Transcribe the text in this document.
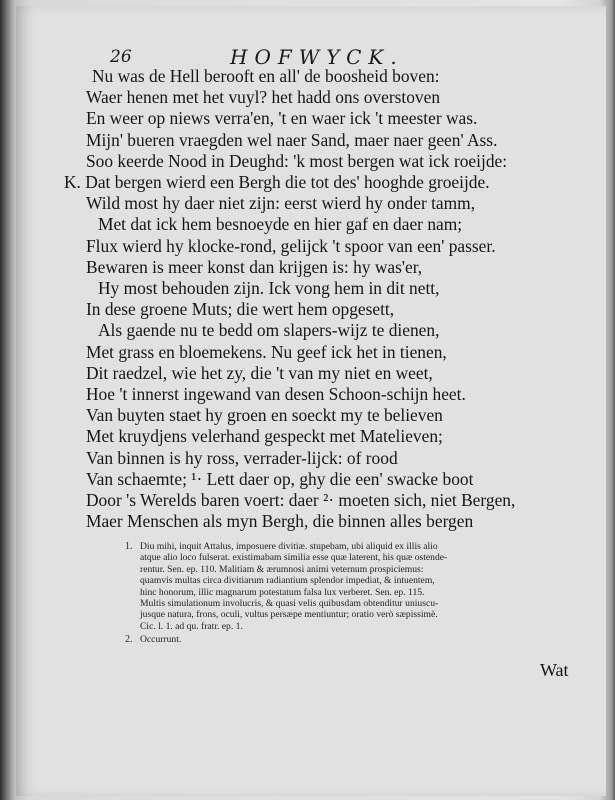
26	HOFWYCK.
Nu was de Hell berooft en all' de boosheid boven:
Waer henen met het vuyl? het hadd ons overstoven
En weer op niews verra'en, 't en waer ick 't meester was.
Mijn' bueren vraegden wel naer Sand, maer naer geen' Ass.
Soo keerde Nood in Deughd: 'k most bergen wat ick roeijde:
K. Dat bergen wierd een Bergh die tot des' hooghde groeijde.
Wild most hy daer niet zijn: eerst wierd hy onder tamm,
Met dat ick hem besnoeyde en hier gaf en daer nam;
Flux wierd hy klocke-rond, gelijck 't spoor van een' passer.
Bewaren is meer konst dan krijgen is: hy was'er,
Hy most behouden zijn. Ick vong hem in dit nett,
In dese groene Muts; die wert hem opgesett,
Als gaende nu te bedd om slapers-wijz te dienen,
Met grass en bloemekens. Nu geef ick het in tienen,
Dit raedzel, wie het zy, die 't van my niet en weet,
Hoe 't innerst ingewand van desen Schoon-schijn heet.
Van buyten staet hy groen en soeckt my te believen
Met kruydjens velerhand gespeckt met Matelieven;
Van binnen is hy ross, verrader-lijck: of rood
Van schaemte; ¹· Lett daer op, ghy die een' swacke boot
Door 's Werelds baren voert: daer ²· moeten sich, niet Bergen,
Maer Menschen als myn Bergh, die binnen alles bergen

1. Diu mihi, inquit Attalus, imposuere divitiæ. stupebam, ubi aliquid ex illis alio
atque alio loco fulserat. existimabam similia esse quæ laterent, his quæ ostende-
rentur. Sen. ep. 110. Malitiam & ærumnosi animi veternum prospiciemus:
quamvis multas circa divitiarum radiantium splendor impediat, & intuentem,
hinc honorum, illic magnarum potestatum falsa lux verberet. Sen. ep. 115.
Multis simulationum involucris, & quasi velis quibusdam obtenditur uniuscu-
jusque natura, frons, oculi, vultus persæpe mentiuntur; oratio verò sæpissimè.
Cic. l. 1. ad qu. fratr. ep. 1.

2. Occurrunt.

Wat
